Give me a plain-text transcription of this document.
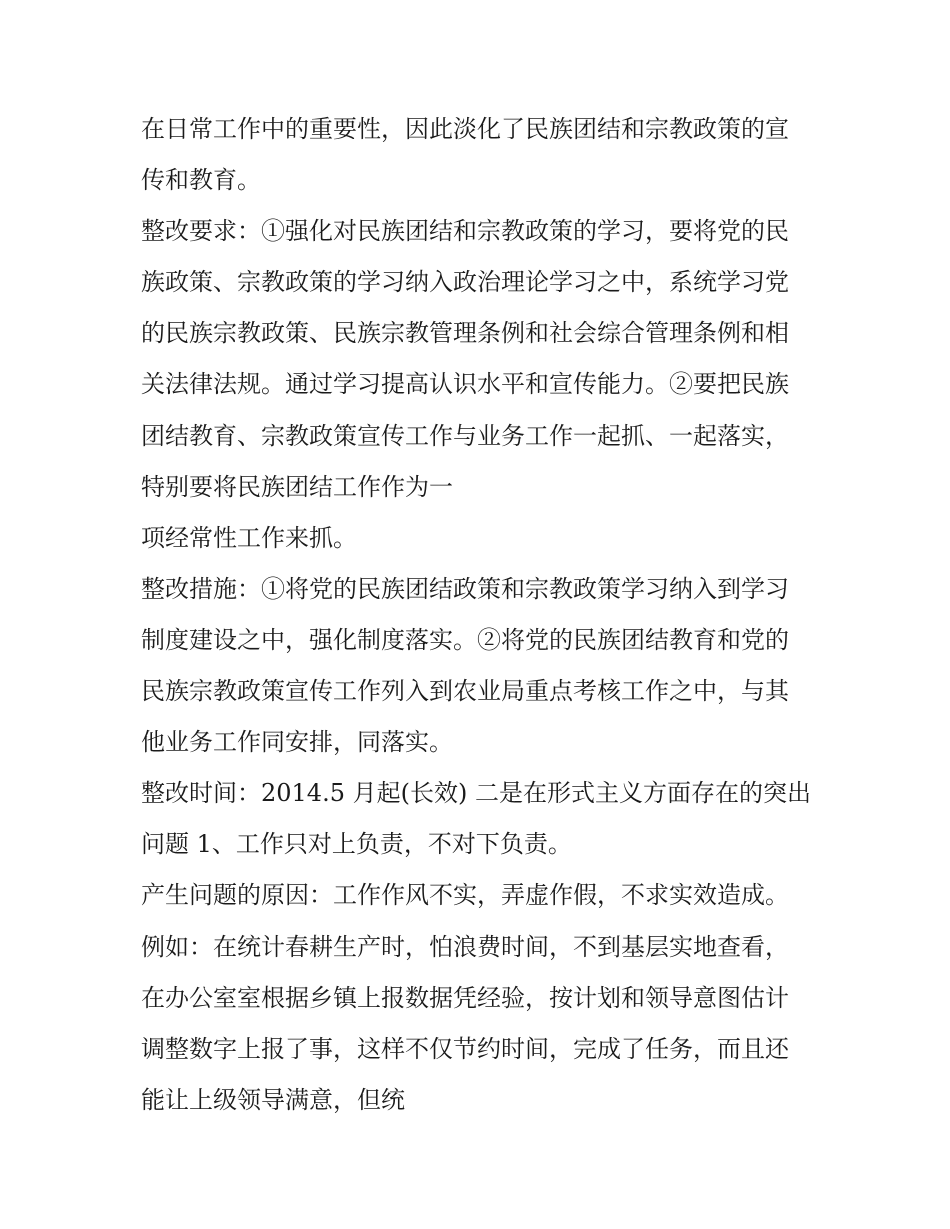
在日常工作中的重要性，因此淡化了民族团结和宗教政策的宣
传和教育。
整改要求：①强化对民族团结和宗教政策的学习，要将党的民
族政策、宗教政策的学习纳入政治理论学习之中，系统学习党
的民族宗教政策、民族宗教管理条例和社会综合管理条例和相
关法律法规。通过学习提高认识水平和宣传能力。②要把民族
团结教育、宗教政策宣传工作与业务工作一起抓、一起落实，
特别要将民族团结工作作为一
项经常性工作来抓。
整改措施：①将党的民族团结政策和宗教政策学习纳入到学习
制度建设之中，强化制度落实。②将党的民族团结教育和党的
民族宗教政策宣传工作列入到农业局重点考核工作之中，与其
他业务工作同安排，同落实。
整改时间：2014.5 月起(长效) 二是在形式主义方面存在的突出
问题 1、工作只对上负责，不对下负责。
产生问题的原因：工作作风不实，弄虚作假，不求实效造成。
例如：在统计春耕生产时，怕浪费时间，不到基层实地查看，
在办公室室根据乡镇上报数据凭经验，按计划和领导意图估计
调整数字上报了事，这样不仅节约时间，完成了任务，而且还
能让上级领导满意，但统
